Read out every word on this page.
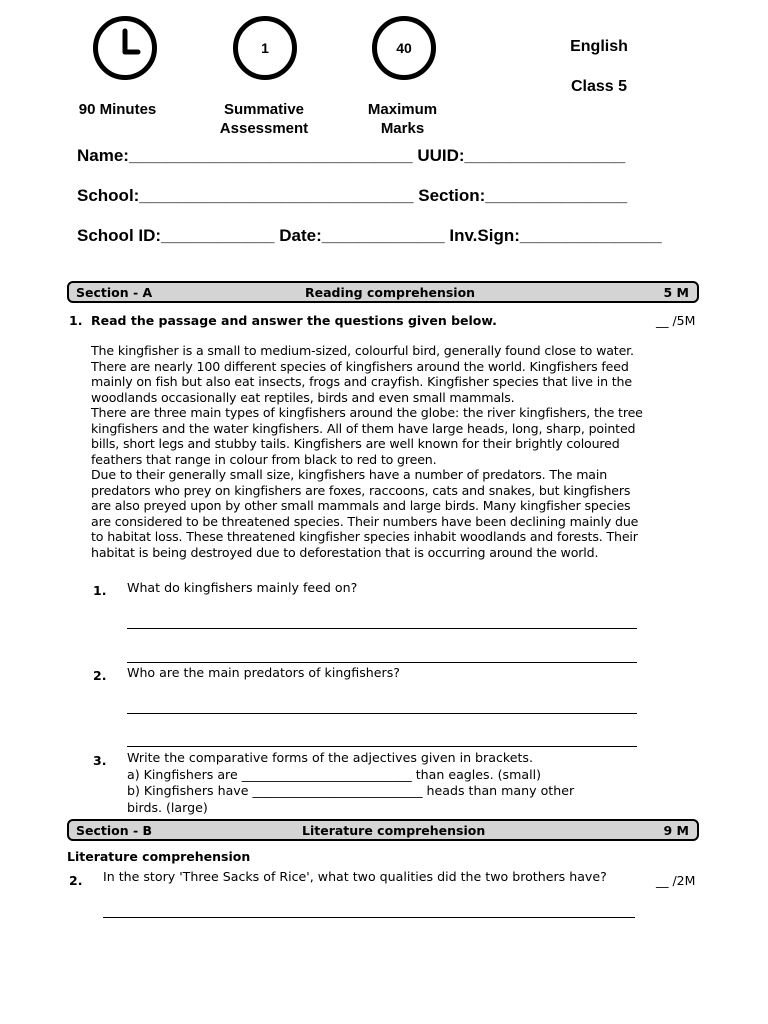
90 Minutes
1
Summative
Assessment
40
Maximum
Marks
English
Class 5
Name:______________________________ UUID:_________________
School:_____________________________ Section:_______________
School ID:____________ Date:_____________ Inv.Sign:_______________
Section - A	Reading comprehension	5 M
1. Read the passage and answer the questions given below.	__ /5M

The kingfisher is a small to medium-sized, colourful bird, generally found close to water. There are nearly 100 different species of kingfishers around the world. Kingfishers feed mainly on fish but also eat insects, frogs and crayfish. Kingfisher species that live in the woodlands occasionally eat reptiles, birds and even small mammals.

There are three main types of kingfishers around the globe: the river kingfishers, the tree kingfishers and the water kingfishers. All of them have large heads, long, sharp, pointed bills, short legs and stubby tails. Kingfishers are well known for their brightly coloured feathers that range in colour from black to red to green.

Due to their generally small size, kingfishers have a number of predators. The main predators who prey on kingfishers are foxes, raccoons, cats and snakes, but kingfishers are also preyed upon by other small mammals and large birds. Many kingfisher species are considered to be threatened species. Their numbers have been declining mainly due to habitat loss. These threatened kingfisher species inhabit woodlands and forests. Their habitat is being destroyed due to deforestation that is occurring around the world.

1. What do kingfishers mainly feed on?
2. Who are the main predators of kingfishers?
3. Write the comparative forms of the adjectives given in brackets.
a) Kingfishers are ___________________________ than eagles. (small)
b) Kingfishers have ___________________________ heads than many other birds. (large)
Section - B	Literature comprehension	9 M
Literature comprehension
2. In the story 'Three Sacks of Rice', what two qualities did the two brothers have?	__ /2M
